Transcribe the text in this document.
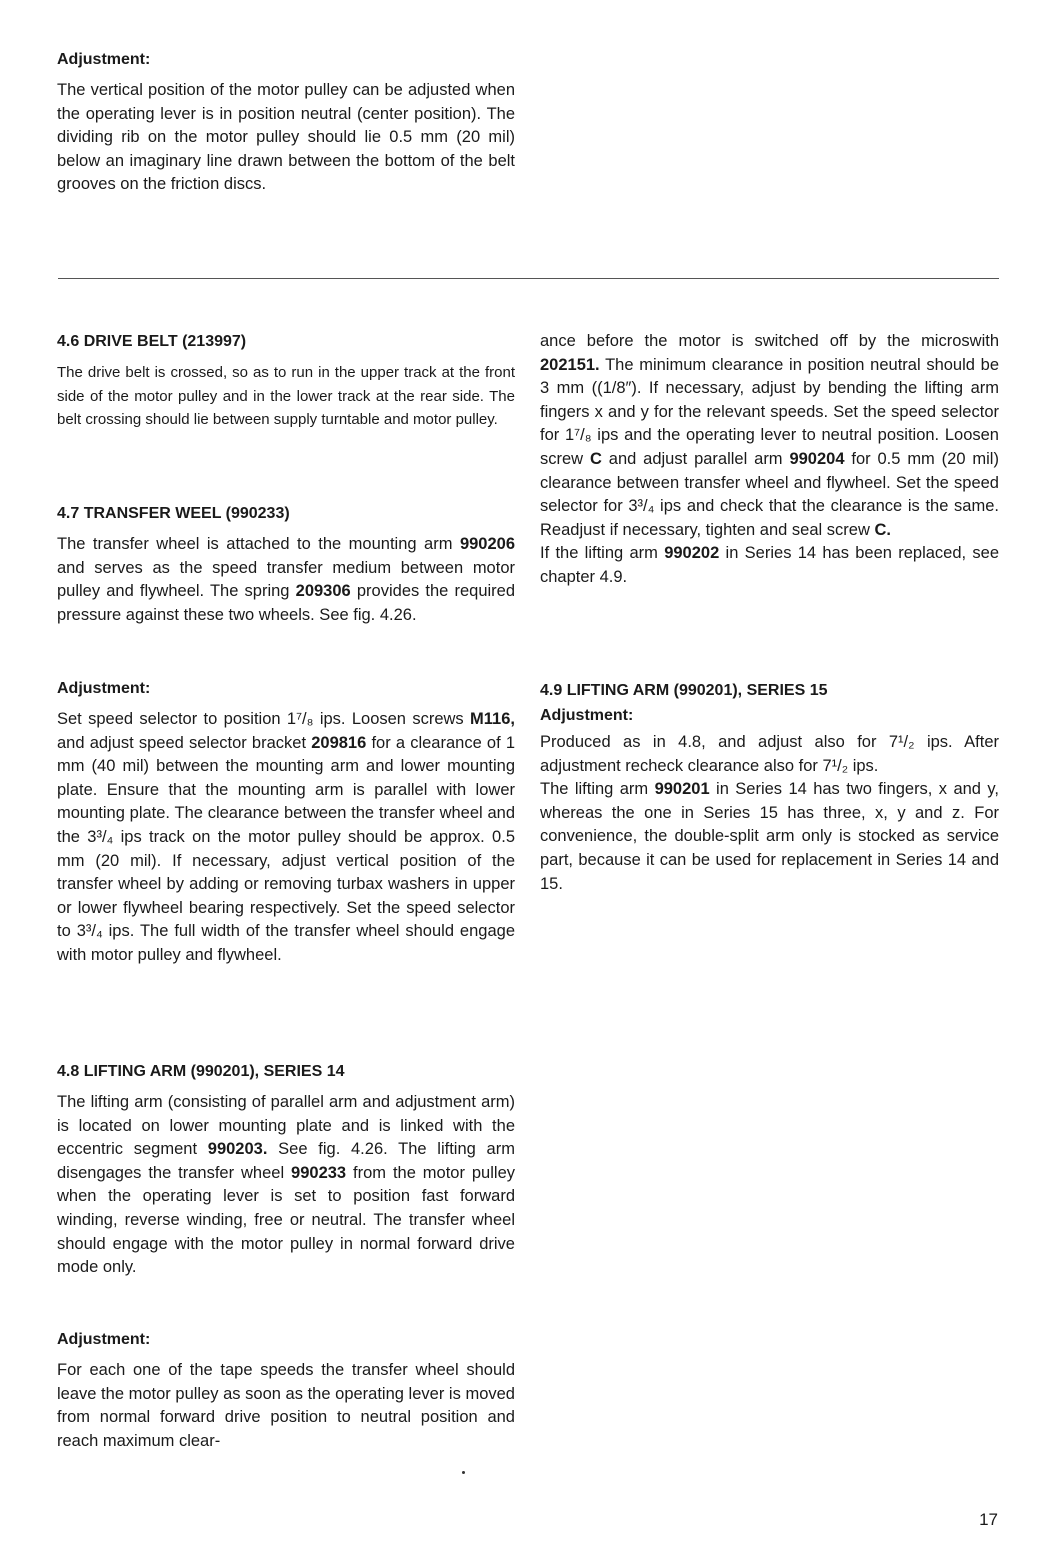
Adjustment:

The vertical position of the motor pulley can be adjusted when the operating lever is in position neutral (center position). The dividing rib on the motor pulley should lie 0.5 mm (20 mil) below an imaginary line drawn between the bottom of the belt grooves on the friction discs.

4.6 DRIVE BELT (213997)

The drive belt is crossed, so as to run in the upper track at the front side of the motor pulley and in the lower track at the rear side. The belt crossing should lie between supply turntable and motor pulley.

4.7 TRANSFER WEEL (990233)

The transfer wheel is attached to the mounting arm 990206 and serves as the speed transfer medium between motor pulley and flywheel. The spring 209306 provides the required pressure against these two wheels. See fig. 4.26.

Adjustment:

Set speed selector to position 1⁷/₈ ips. Loosen screws M116, and adjust speed selector bracket 209816 for a clearance of 1 mm (40 mil) between the mounting arm and lower mounting plate. Ensure that the mounting arm is parallel with lower mounting plate. The clearance between the transfer wheel and the 3³/₄ ips track on the motor pulley should be approx. 0.5 mm (20 mil). If necessary, adjust vertical position of the transfer wheel by adding or removing turbax washers in upper or lower flywheel bearing respectively. Set the speed selector to 3³/₄ ips. The full width of the transfer wheel should engage with motor pulley and flywheel.

4.8 LIFTING ARM (990201), SERIES 14

The lifting arm (consisting of parallel arm and adjustment arm) is located on lower mounting plate and is linked with the eccentric segment 990203. See fig. 4.26. The lifting arm disengages the transfer wheel 990233 from the motor pulley when the operating lever is set to position fast forward winding, reverse winding, free or neutral. The transfer wheel should engage with the motor pulley in normal forward drive mode only.

Adjustment:

For each one of the tape speeds the transfer wheel should leave the motor pulley as soon as the operating lever is moved from normal forward drive position to neutral position and reach maximum clear-

ance before the motor is switched off by the microswith 202151. The minimum clearance in position neutral should be 3 mm ((1/8″). If necessary, adjust by bending the lifting arm fingers x and y for the relevant speeds. Set the speed selector for 1⁷/₈ ips and the operating lever to neutral position. Loosen screw C and adjust parallel arm 990204 for 0.5 mm (20 mil) clearance between transfer wheel and flywheel. Set the speed selector for 3³/₄ ips and check that the clearance is the same. Readjust if necessary, tighten and seal screw C.

If the lifting arm 990202 in Series 14 has been replaced, see chapter 4.9.

4.9 LIFTING ARM (990201), SERIES 15
Adjustment:

Produced as in 4.8, and adjust also for 7¹/₂ ips. After adjustment recheck clearance also for 7¹/₂ ips.

The lifting arm 990201 in Series 14 has two fingers, x and y, whereas the one in Series 15 has three, x, y and z. For convenience, the double-split arm only is stocked as service part, because it can be used for replacement in Series 14 and 15.

17
